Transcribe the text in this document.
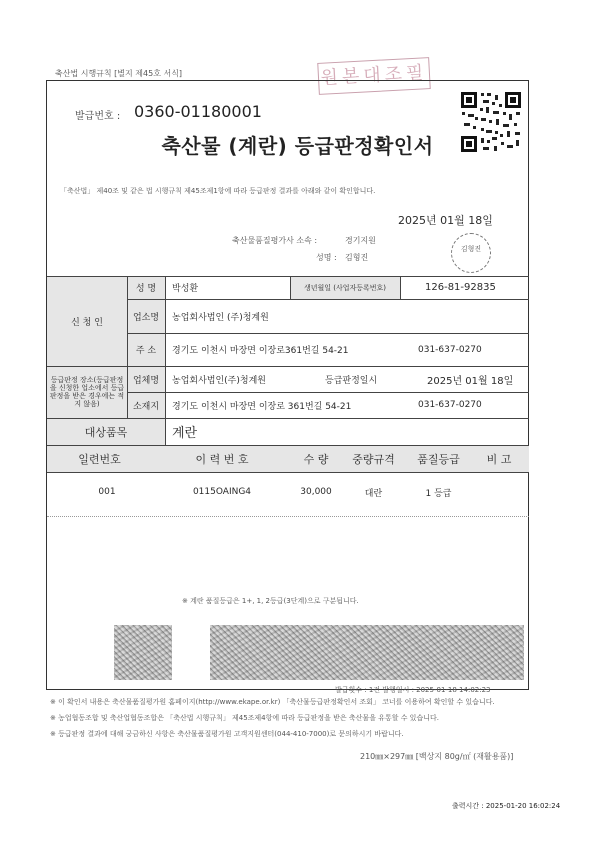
축산법 시행규칙 [별지 제45호 서식]	원본대조필
발급번호 : 0360-01180001
축산물 (계란) 등급판정확인서
「축산법」 제40조 및 같은 법 시행규칙 제45조제1항에 따라 등급판정 결과를 아래와 같이 확인합니다.
2025년 01월 18일
축산물품질평가사 소속 :	경기지원
성명 : 김형진
김형진
신 청 인
성 명	박성환	생년월일 (사업자등록번호)	126-81-92835
업소명	농업회사법인 (주)청계원
주 소	경기도 이천시 마장면 이장로361번길 54-21	031-637-0270
등급판정 장소(등급판정을 신청한 업소에서 등급판정을 받은 경우에는 적지 않음)
업체명	농업회사법인(주)청계원	등급판정일시	2025년 01월 18일
소재지	경기도 이천시 마장면 이장로 361번길 54-21	031-637-0270
대상품목	계란
일련번호	이 력 번 호	수 량	중량규격	품질등급	비 고
001	0115OAING4	30,000	대란	1 등급
※ 계란 품질등급은 1+, 1, 2등급(3단계)으로 구분됩니다.
발급횟수 : 1건 발행일시 : 2025-01-18 14:02:23
※ 이 확인서 내용은 축산물품질평가원 홈페이지(http://www.ekape.or.kr) 「축산물등급판정확인서 조회」 코너를 이용하여 확인할 수 있습니다.
※ 농업협동조합 및 축산업협동조합은 「축산법 시행규칙」 제45조제4항에 따라 등급판정을 받은 축산물을 유통할 수 있습니다.
※ 등급판정 결과에 대해 궁금하신 사항은 축산물품질평가원 고객지원센터(044-410-7000)로 문의하시기 바랍니다.
210㎜×297㎜ [백상지 80g/㎡ (재활용품)]
출력시간 : 2025-01-20 16:02:24
